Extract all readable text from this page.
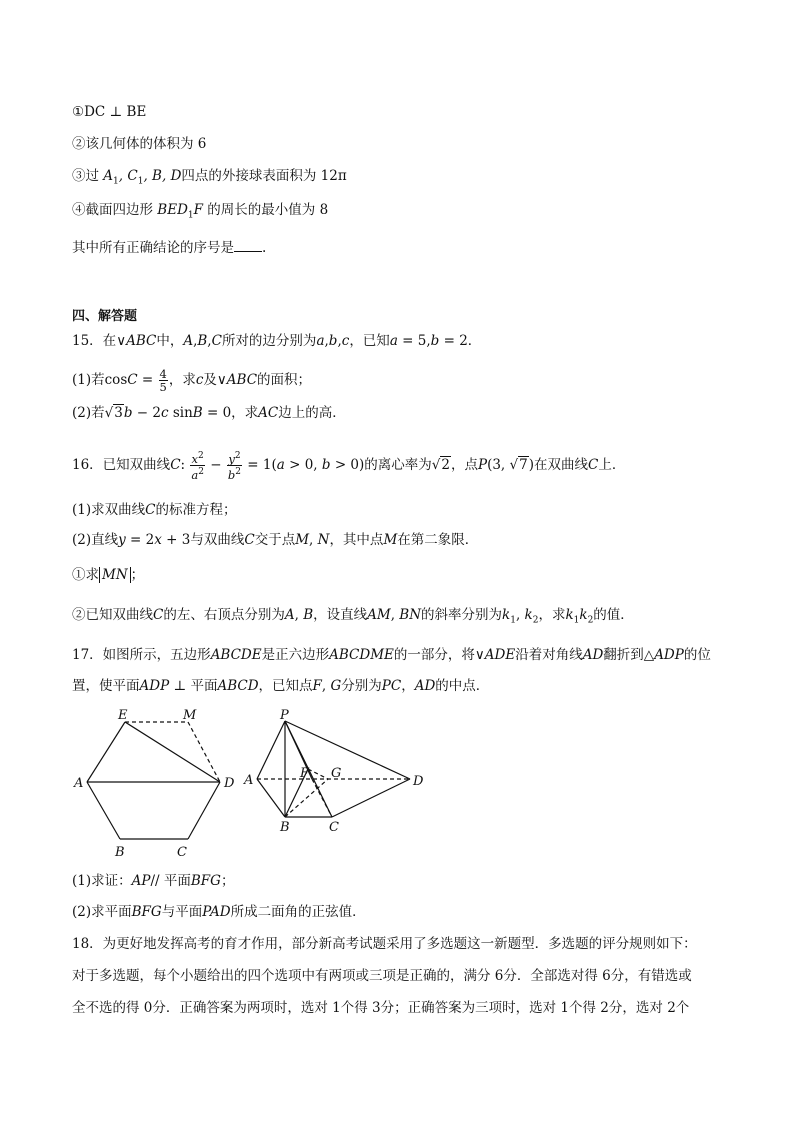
①DC ⊥ BE
②该几何体的体积为 6
③过 $A_1$, $C_1$, B, D四点的外接球表面积为 12π
④截面四边形 $BED_1F$ 的周长的最小值为 8
其中所有正确结论的序号是 .
四、解答题
15．在∨ABC中，A,B,C所对的边分别为a,b,c，已知a = 5,b = 2．
(1)若$\cos C = \frac{4}{5}$ ，求c及∨ABC的面积；
(2)若√3b − 2c sinB = 0，求AC边上的高．
16．已知双曲线C: $\frac{x^2}{a^2} - \frac{y^2}{b^2} = 1(a > 0$, b > 0)的离心率为√2，点P(3, √7)在双曲线C上．
(1)求双曲线C的标准方程；
(2)直线y = 2x + 3与双曲线C交于点M, N，其中点M在第二象限．
①求 MN ；
②已知双曲线C的左、右顶点分别为A, B，设直线AM, BN的斜率分别为$k_1$, $k_2$，求$k_1k_2$的值．
17．如图所示，五边形ABCDE是正六边形ABCDME的一部分，将∨ADE沿着对角线AD翻折到△ADP的位
置，使平面ADP ⊥ 平面ABCD，已知点F, G分别为PC，AD的中点．
E	M
A	D
B	C
P
A	F G
D
B	C
(1)求证：AP// 平面BFG；
(2)求平面BFG与平面PAD所成二面角的正弦值．
18．为更好地发挥高考的育才作用，部分新高考试题采用了多选题这一新题型．多选题的评分规则如下：
对于多选题，每个小题给出的四个选项中有两项或三项是正确的，满分 6分．全部选对得 6分，有错选或
全不选的得 0分．正确答案为两项时，选对 1个得 3分；正确答案为三项时，选对 1个得 2分，选对 2个
